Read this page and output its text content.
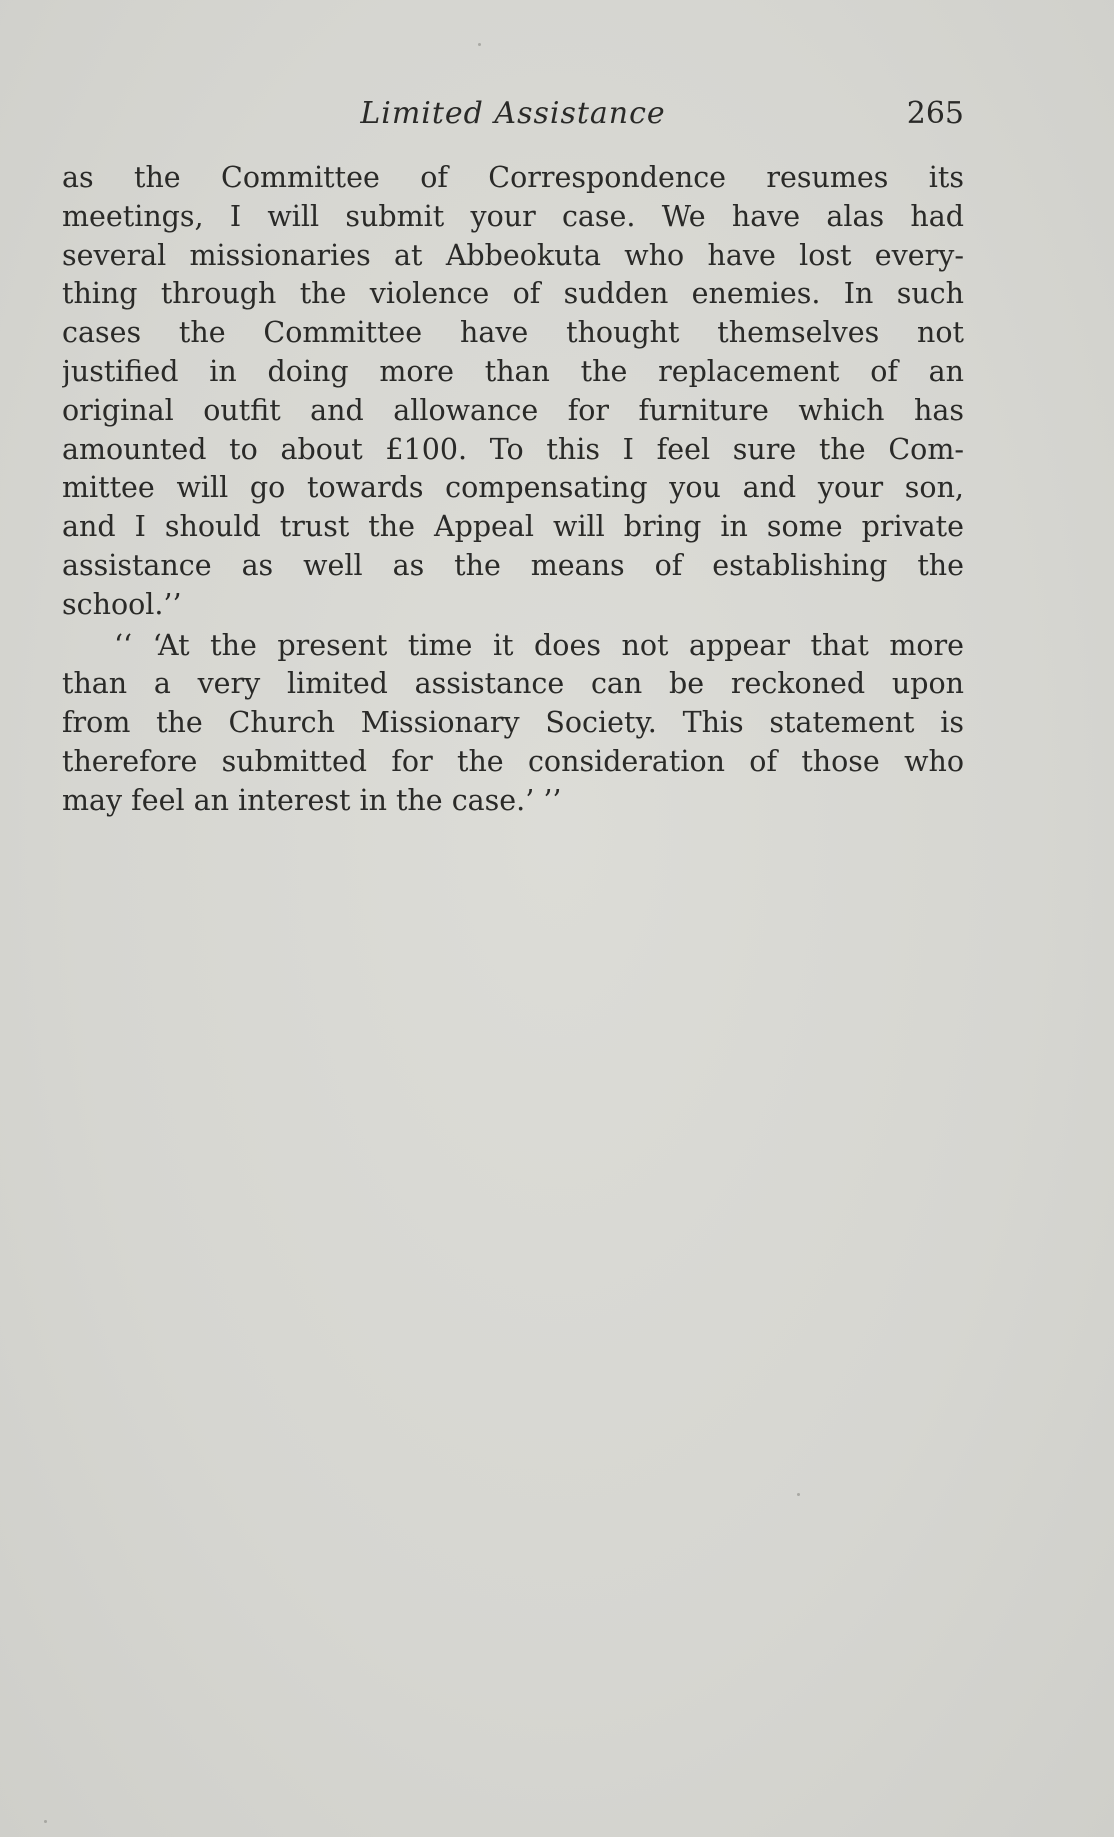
Limited Assistance	265
as the Committee of Correspondence resumes its
meetings, I will submit your case. We have alas had
several missionaries at Abbeokuta who have lost every-
thing through the violence of sudden enemies. In such
cases the Committee have thought themselves not
justified in doing more than the replacement of an
original outfit and allowance for furniture which has
amounted to about £100. To this I feel sure the Com-
mittee will go towards compensating you and your son,
and I should trust the Appeal will bring in some private
assistance as well as the means of establishing the
school.’’
‘‘ ‘At the present time it does not appear that more
than a very limited assistance can be reckoned upon
from the Church Missionary Society. This statement is
therefore submitted for the consideration of those who
may feel an interest in the case.’ ’’
